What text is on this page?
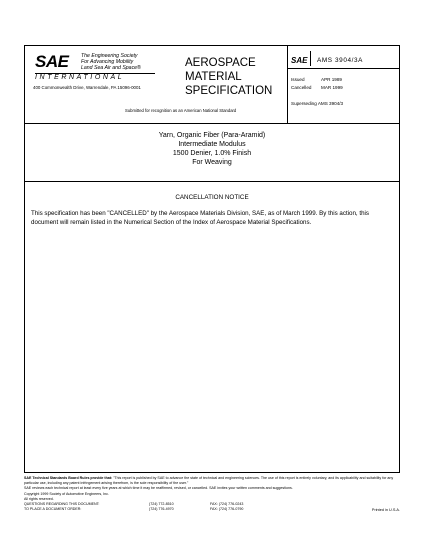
SAE The Engineering Society
For Advancing Mobility
Land Sea Air and Space®
INTERNATIONAL
400 Commonwealth Drive, Warrendale, PA 15096-0001
AEROSPACE
MATERIAL
SPECIFICATION
Submitted for recognition as an American National Standard
SAE AMS 3904/3A
Issued	APR 1989
Cancelled MAR 1999
Superseding AMS 3904/3
Yarn, Organic Fiber (Para-Aramid)
Intermediate Modulus
1500 Denier, 1.0% Finish
For Weaving
CANCELLATION NOTICE
This specification has been "CANCELLED" by the Aerospace Materials Division, SAE, as of March 1999. By this action, this document will remain listed in the Numerical Section of the Index of Aerospace Material Specifications.
SAE Technical Standards Board Rules provide that: "This report is published by SAE to advance the state of technical and engineering sciences. The use of this report is entirely voluntary, and its applicability and suitability for any particular use, including any patent infringement arising therefrom, is the sole responsibility of the user."
SAE reviews each technical report at least every five years at which time it may be reaffirmed, revised, or cancelled. SAE invites your written comments and suggestions.
Copyright 1999 Society of Automotive Engineers, Inc.
All rights reserved.
Printed in U.S.A.
QUESTIONS REGARDING THIS DOCUMENT:	(724) 772-8510	FAX: (724) 776-0243
TO PLACE A DOCUMENT ORDER:	(724) 776-4970	FAX: (724) 776-0790
